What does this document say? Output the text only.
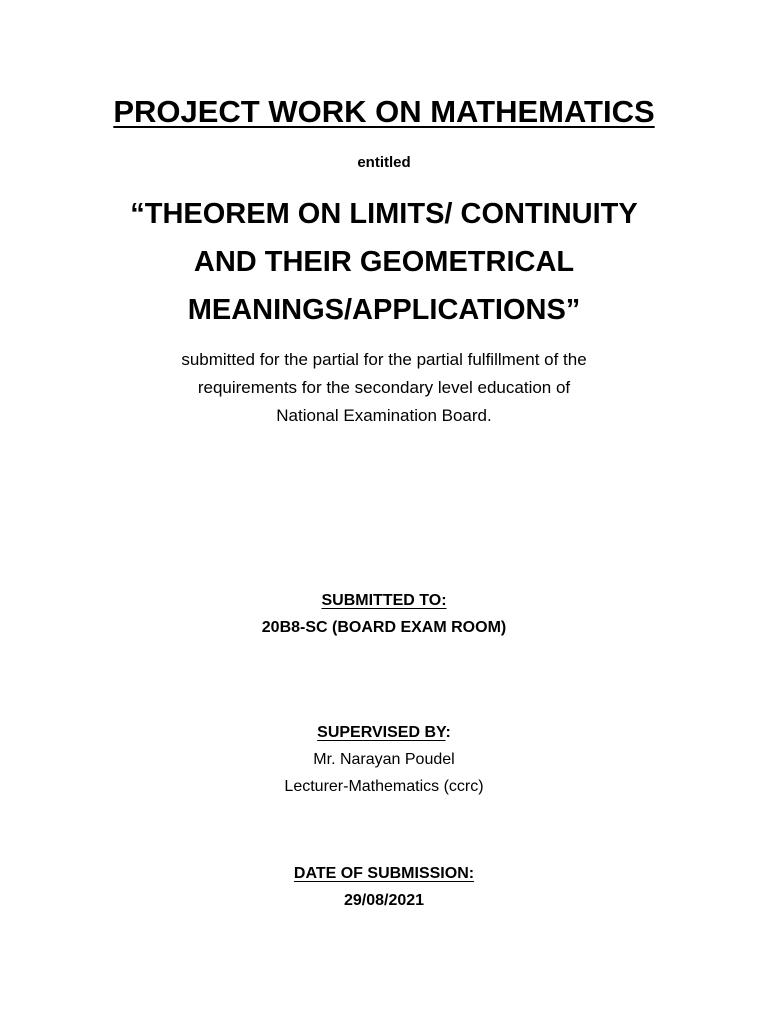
PROJECT WORK ON MATHEMATICS

entitled

“THEOREM ON LIMITS/ CONTINUITY
AND THEIR GEOMETRICAL
MEANINGS/APPLICATIONS”

submitted for the partial for the partial fulfillment of the
requirements for the secondary level education of
National Examination Board.

SUBMITTED TO:
20B8-SC (BOARD EXAM ROOM)
SUPERVISED BY:
Mr. Narayan Poudel
Lecturer-Mathematics (ccrc)
DATE OF SUBMISSION:
29/08/2021
